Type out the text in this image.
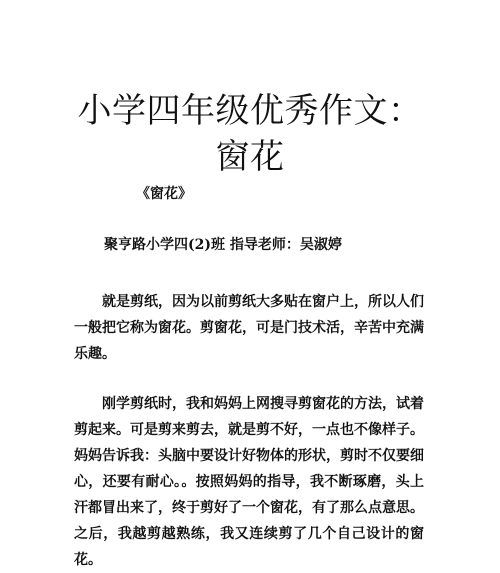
小学四年级优秀作文：窗花

《窗花》

聚亨路小学四(2)班 指导老师：吴淑婷

就是剪纸，因为以前剪纸大多贴在窗户上，所以人们一般把它称为窗花。剪窗花，可是门技术活，辛苦中充满乐趣。

刚学剪纸时，我和妈妈上网搜寻剪窗花的方法，试着剪起来。可是剪来剪去，就是剪不好，一点也不像样子。妈妈告诉我：头脑中要设计好物体的形状，剪时不仅要细心，还要有耐心。。按照妈妈的指导，我不断琢磨，头上汗都冒出来了，终于剪好了一个窗花，有了那么点意思。之后，我越剪越熟练，我又连续剪了几个自己设计的窗花。
